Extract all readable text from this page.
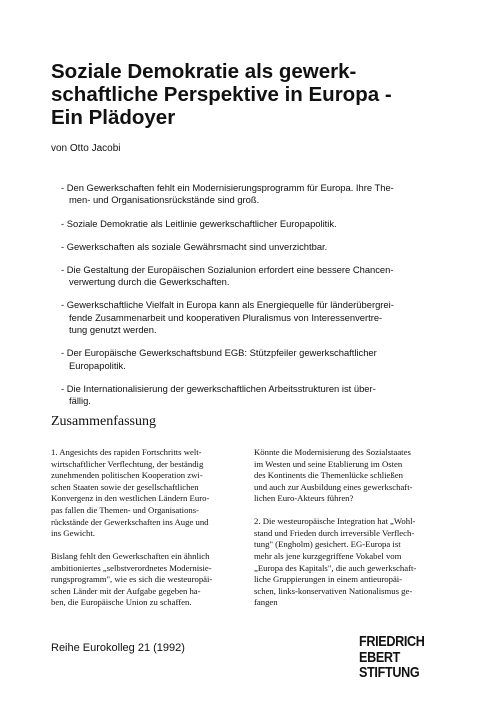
Soziale Demokratie als gewerk-
schaftliche Perspektive in Europa -
Ein Plädoyer
von Otto Jacobi
- Den Gewerkschaften fehlt ein Modernisierungsprogramm für Europa. Ihre The-
men- und Organisationsrückstände sind groß.
- Soziale Demokratie als Leitlinie gewerkschaftlicher Europapolitik.
- Gewerkschaften als soziale Gewährsmacht sind unverzichtbar.
- Die Gestaltung der Europäischen Sozialunion erfordert eine bessere Chancen-
verwertung durch die Gewerkschaften.
- Gewerkschaftliche Vielfalt in Europa kann als Energiequelle für länderübergrei-
fende Zusammenarbeit und kooperativen Pluralismus von Interessenvertre-
tung genutzt werden.
- Der Europäische Gewerkschaftsbund EGB: Stützpfeiler gewerkschaftlicher
Europapolitik.
- Die Internationalisierung der gewerkschaftlichen Arbeitsstrukturen ist über-
fällig.
Zusammenfassung

1. Angesichts des rapiden Fortschritts welt-
wirtschaftlicher Verflechtung, der beständig
zunehmenden politischen Kooperation zwi-
schen Staaten sowie der gesellschaftlichen
Konvergenz in den westlichen Ländern Euro-
pas fallen die Themen- und Organisations-
rückstände der Gewerkschaften ins Auge und
ins Gewicht.

Bislang fehlt den Gewerkschaften ein ähnlich
ambitioniertes „selbstverordnetes Modernisie-
rungsprogramm", wie es sich die westeuropäi-
schen Länder mit der Aufgabe gegeben ha-
ben, die Europäische Union zu schaffen.

Könnte die Modernisierung des Sozialstaates
im Westen und seine Etablierung im Osten
des Kontinents die Themenlücke schließen
und auch zur Ausbildung eines gewerkschaft-
lichen Euro-Akteurs führen?

2. Die westeuropäische Integration hat „Wohl-
stand und Frieden durch irreversible Verflech-
tung" (Engholm) gesichert. EG-Europa ist
mehr als jene kurzgegriffene Vokabel vom
„Europa des Kapitals", die auch gewerkschaft-
liche Gruppierungen in einem antieuropäi-
schen, links-konservativen Nationalismus ge-
fangen

Reihe Eurokolleg 21 (1992)	FRIEDRICH
EBERT
STIFTUNG
